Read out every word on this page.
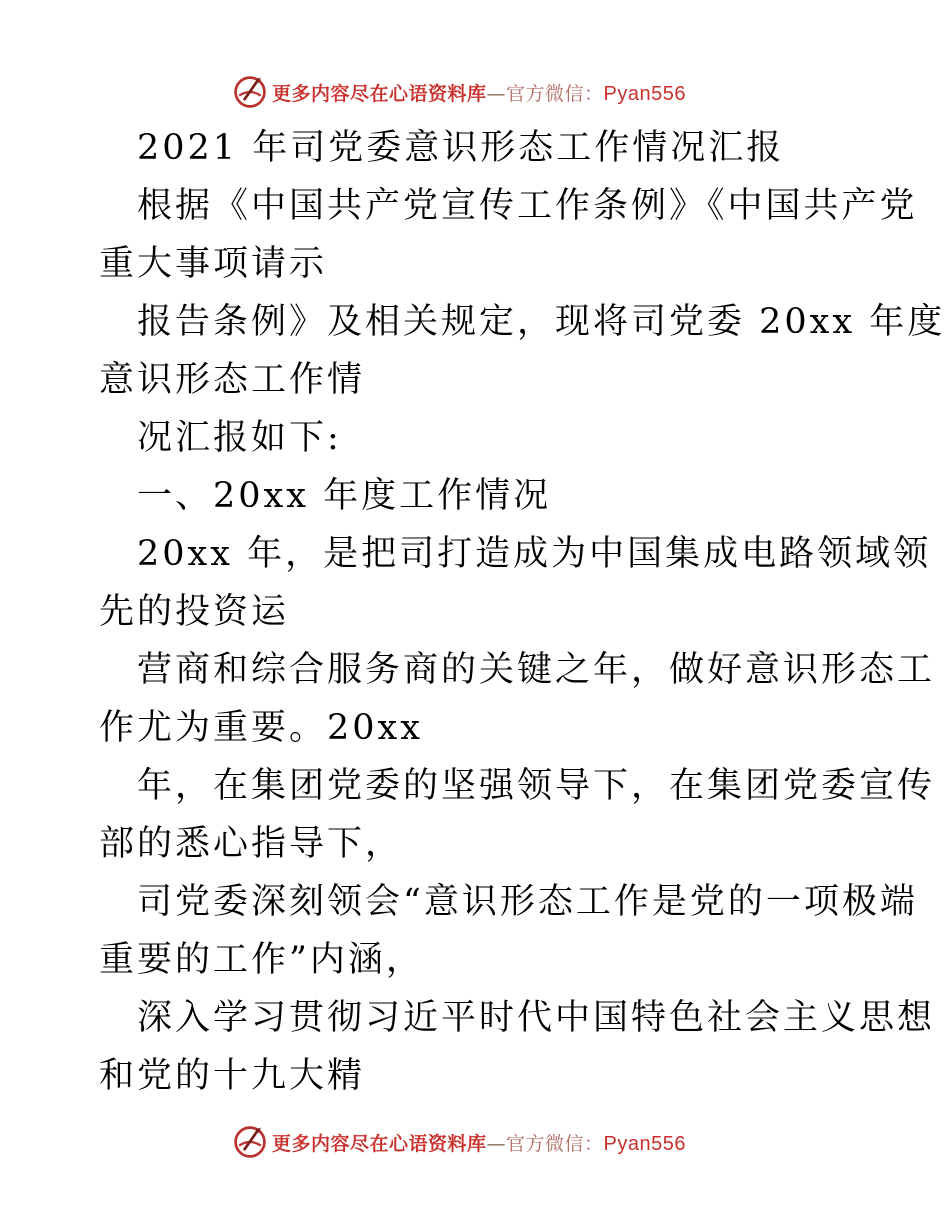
更多内容尽在心语资料库—官方微信：Pyan556
2021 年司党委意识形态工作情况汇报
根据《中国共产党宣传工作条例》《中国共产党
重大事项请示
报告条例》及相关规定，现将司党委 20xx 年度
意识形态工作情
况汇报如下:
一、20xx 年度工作情况
20xx 年，是把司打造成为中国集成电路领域领
先的投资运
营商和综合服务商的关键之年，做好意识形态工
作尤为重要。20xx
年，在集团党委的坚强领导下，在集团党委宣传
部的悉心指导下，
司党委深刻领会“意识形态工作是党的一项极端
重要的工作”内涵，
深入学习贯彻习近平时代中国特色社会主义思想
和党的十九大精
更多内容尽在心语资料库—官方微信：Pyan556
